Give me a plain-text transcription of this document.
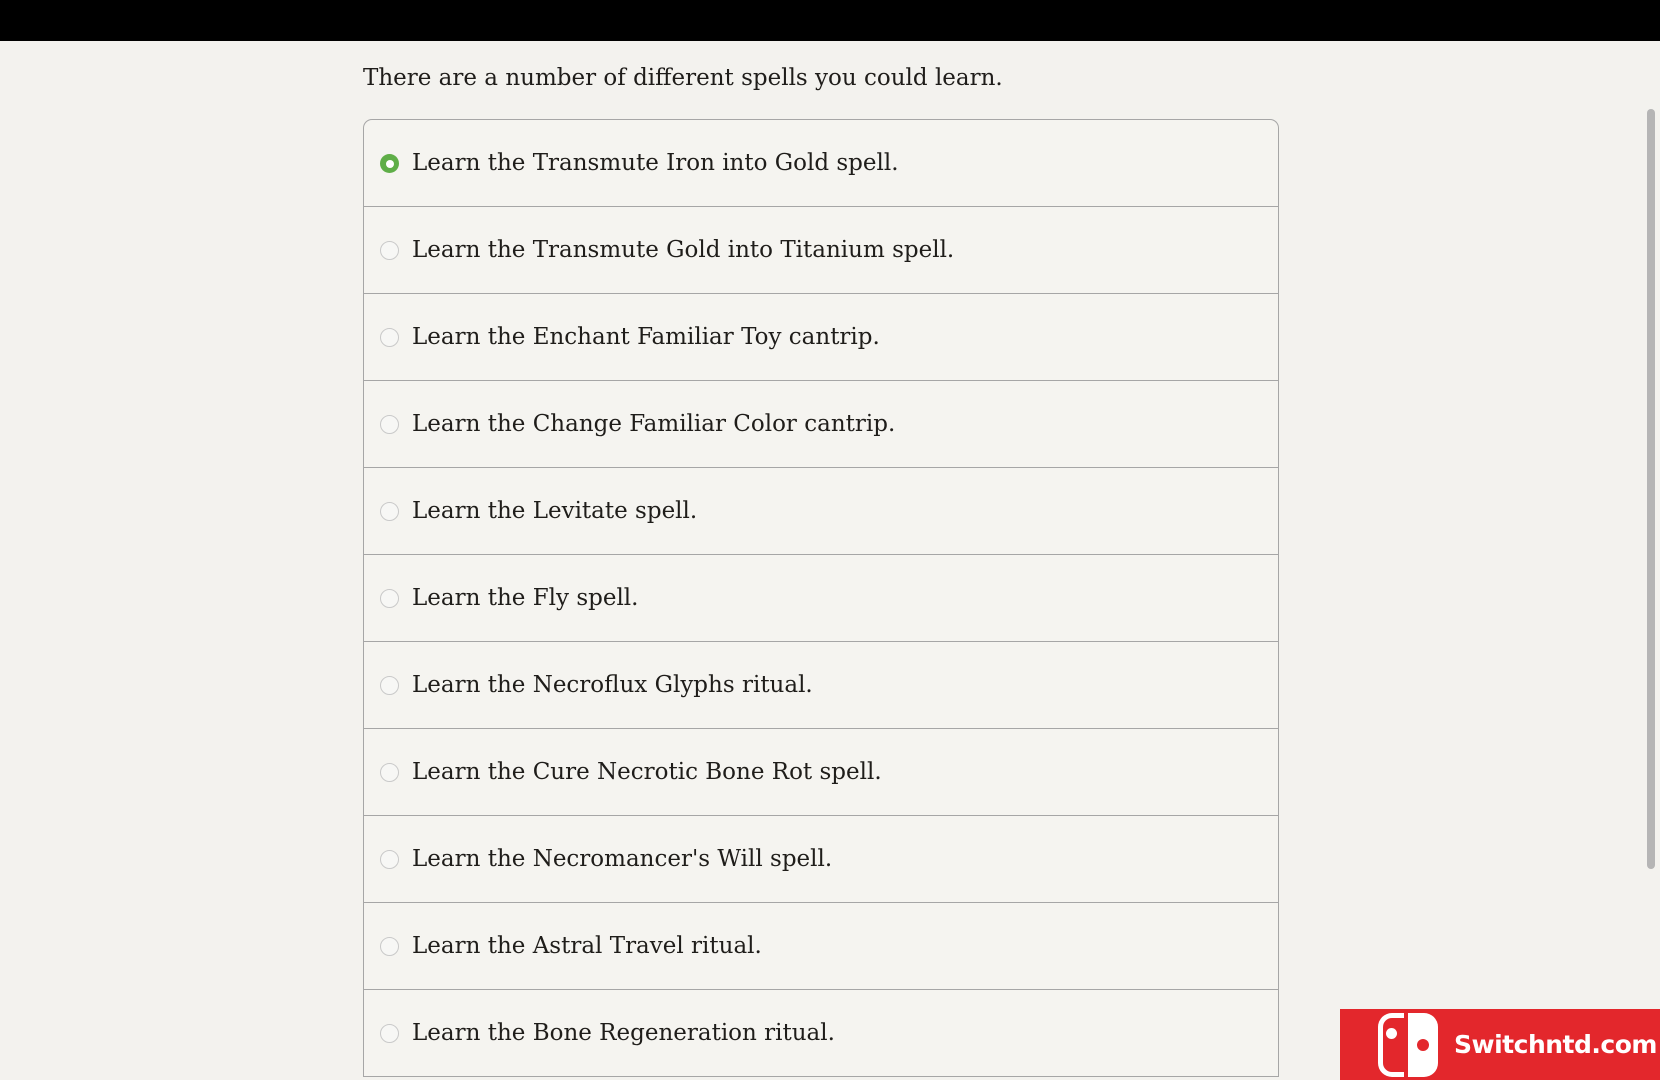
There are a number of different spells you could learn.

Learn the Transmute Iron into Gold spell.
Learn the Transmute Gold into Titanium spell.
Learn the Enchant Familiar Toy cantrip.
Learn the Change Familiar Color cantrip.
Learn the Levitate spell.
Learn the Fly spell.
Learn the Necroflux Glyphs ritual.
Learn the Cure Necrotic Bone Rot spell.
Learn the Necromancer's Will spell.
Learn the Astral Travel ritual.
Learn the Bone Regeneration ritual.	Switchntd.com
